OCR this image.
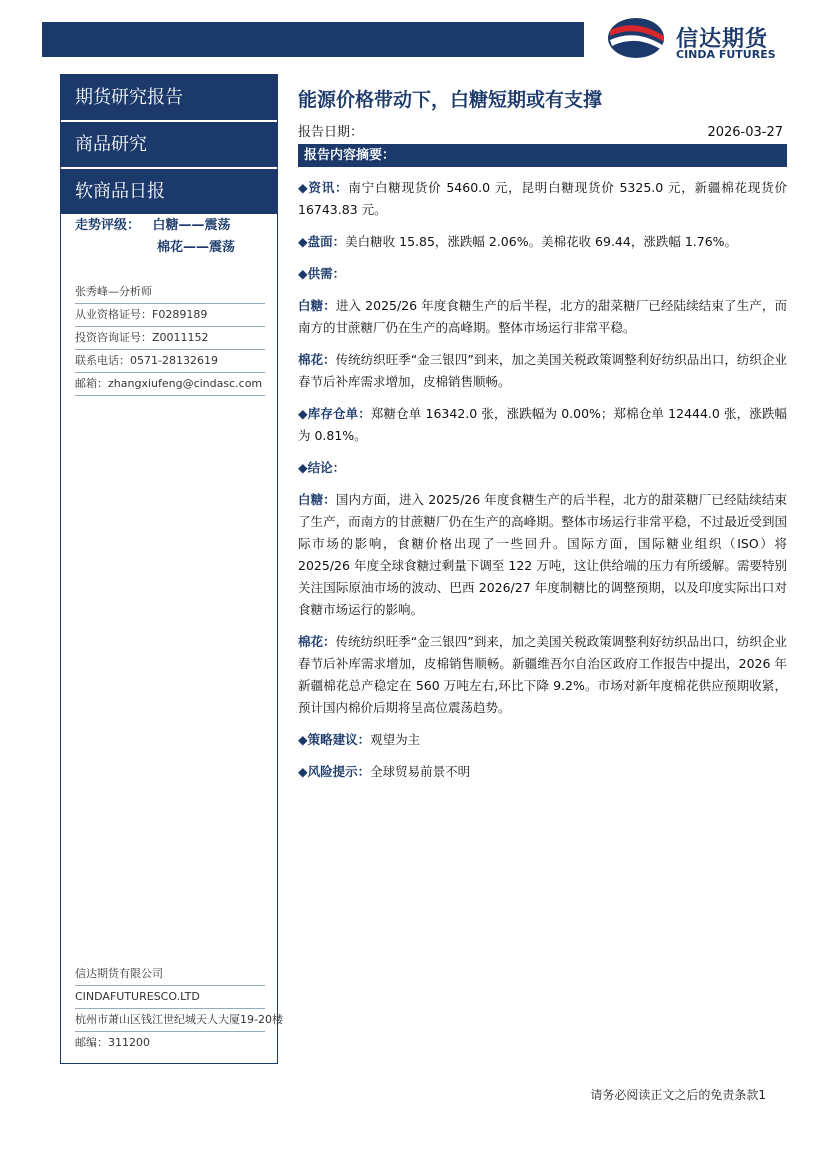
信达期货
CINDA FUTURES
期货研究报告
商品研究
软商品日报
走势评级： 白糖——震荡
棉花——震荡
张秀峰—分析师
从业资格证号：F0289189
投资咨询证号：Z0011152
联系电话：0571-28132619
邮箱：zhangxiufeng@cindasc.com
信达期货有限公司
CINDAFUTURESCO.LTD
杭州市萧山区钱江世纪城天人大厦19-20楼
邮编：311200
能源价格带动下，白糖短期或有支撑
报告日期：	2026-03-27
报告内容摘要：
◆资讯：南宁白糖现货价 5460.0 元，昆明白糖现货价 5325.0 元，新疆棉花现货价 16743.83 元。
◆盘面：美白糖收 15.85，涨跌幅 2.06%。美棉花收 69.44，涨跌幅 1.76%。
◆供需：
白糖：进入 2025/26 年度食糖生产的后半程，北方的甜菜糖厂已经陆续结束了生产，而南方的甘蔗糖厂仍在生产的高峰期。整体市场运行非常平稳。
棉花：传统纺织旺季“金三银四”到来，加之美国关税政策调整利好纺织品出口，纺织企业春节后补库需求增加，皮棉销售顺畅。
◆库存仓单：郑糖仓单 16342.0 张，涨跌幅为 0.00%；郑棉仓单 12444.0 张，涨跌幅为 0.81%。
◆结论：
白糖：国内方面，进入 2025/26 年度食糖生产的后半程，北方的甜菜糖厂已经陆续结束了生产，而南方的甘蔗糖厂仍在生产的高峰期。整体市场运行非常平稳，不过最近受到国际市场的影响，食糖价格出现了一些回升。国际方面，国际糖业组织（ISO）将 2025/26 年度全球食糖过剩量下调至 122 万吨，这让供给端的压力有所缓解。需要特别关注国际原油市场的波动、巴西 2026/27 年度制糖比的调整预期，以及印度实际出口对食糖市场运行的影响。
棉花：传统纺织旺季“金三银四”到来，加之美国关税政策调整利好纺织品出口，纺织企业春节后补库需求增加，皮棉销售顺畅。新疆维吾尔自治区政府工作报告中提出，2026 年新疆棉花总产稳定在 560 万吨左右,环比下降 9.2%。市场对新年度棉花供应预期收紧，预计国内棉价后期将呈高位震荡趋势。
◆策略建议：观望为主
◆风险提示：全球贸易前景不明
请务必阅读正文之后的免责条款1
